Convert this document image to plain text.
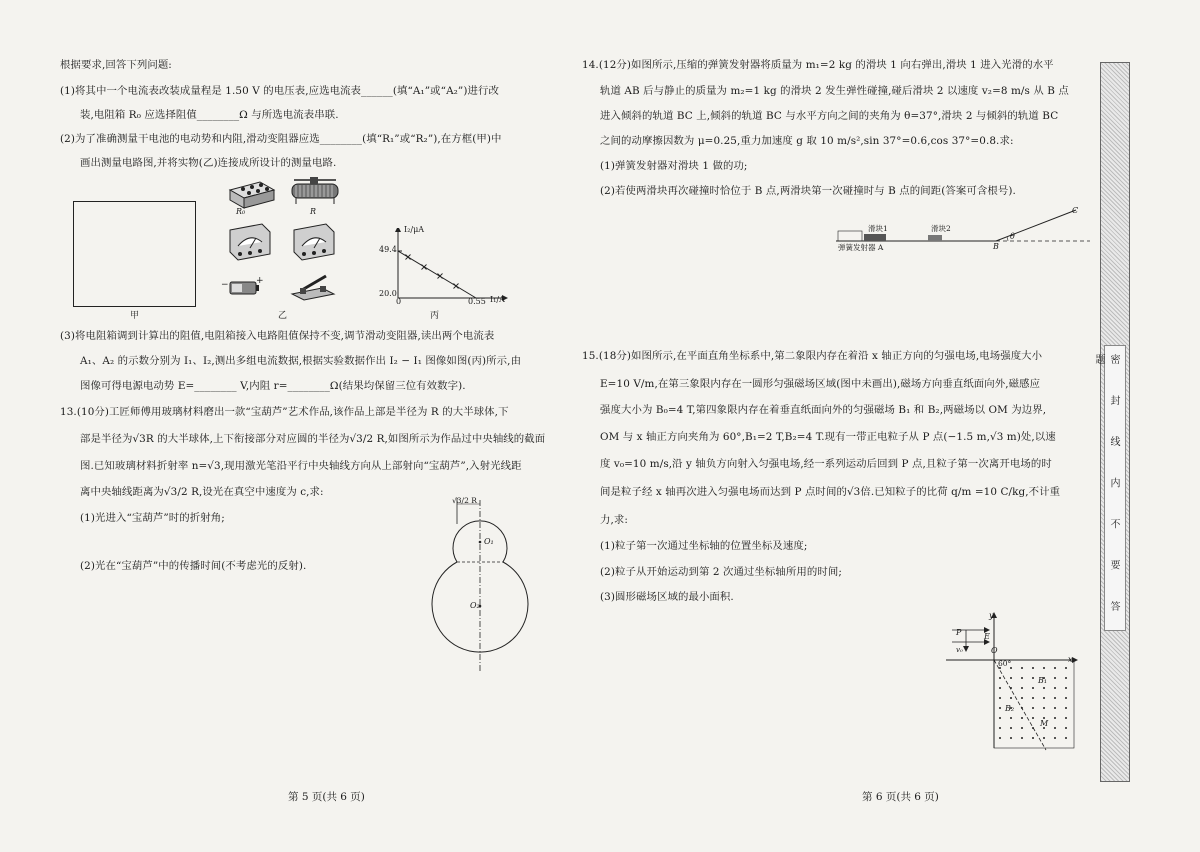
根据要求,回答下列问题:
(1)将其中一个电流表改装成量程是 1.50 V 的电压表,应选电流表______(填“A₁”或“A₂”)进行改
装,电阻箱 R₀ 应选择阻值________Ω 与所选电流表串联.
(2)为了准确测量干电池的电动势和内阻,滑动变阻器应选________(填“R₁”或“R₂”),在方框(甲)中
画出测量电路图,并将实物(乙)连接成所设计的测量电路.
甲
R₀	R
−	+
乙
I₂/μA
49.4
20.0
0	0.55 I₁/A
丙
(3)将电阻箱调到计算出的阻值,电阻箱接入电路阻值保持不变,调节滑动变阻器,读出两个电流表
A₁、A₂ 的示数分别为 I₁、I₂,测出多组电流数据,根据实验数据作出 I₂ − I₁ 图像如图(丙)所示,由
图像可得电源电动势 E=________ V,内阻 r=________Ω(结果均保留三位有效数字).
13.(10分)工匠师傅用玻璃材料磨出一款“宝葫芦”艺术作品,该作品上部是半径为 R 的大半球体,下
部是半径为√3R 的大半球体,上下衔接部分对应圆的半径为√3/2 R,如图所示为作品过中央轴线的截面
图.已知玻璃材料折射率 n=√3,现用激光笔沿平行中央轴线方向从上部射向“宝葫芦”,入射光线距
离中央轴线距离为√3/2 R,设光在真空中速度为 c,求:
(1)光进入“宝葫芦”时的折射角;
(2)光在“宝葫芦”中的传播时间(不考虑光的反射).
√3/2 R
O₁
O₂
第 5 页(共 6 页)
14.(12分)如图所示,压缩的弹簧发射器将质量为 m₁=2 kg 的滑块 1 向右弹出,滑块 1 进入光滑的水平
轨道 AB 后与静止的质量为 m₂=1 kg 的滑块 2 发生弹性碰撞,碰后滑块 2 以速度 v₂=8 m/s 从 B 点
进入倾斜的轨道 BC 上,倾斜的轨道 BC 与水平方向之间的夹角为 θ=37°,滑块 2 与倾斜的轨道 BC
之间的动摩擦因数为 μ=0.25,重力加速度 g 取 10 m/s²,sin 37°=0.6,cos 37°=0.8.求:
(1)弹簧发射器对滑块 1 做的功;
(2)若使两滑块再次碰撞时恰位于 B 点,两滑块第一次碰撞时与 B 点的间距(答案可含根号).
滑块1	滑块2
弹簧发射器 A	B
C
θ
15.(18分)如图所示,在平面直角坐标系中,第二象限内存在着沿 x 轴正方向的匀强电场,电场强度大小
E=10 V/m,在第三象限内存在一圆形匀强磁场区域(图中未画出),磁场方向垂直纸面向外,磁感应
强度大小为 B₀=4 T,第四象限内存在着垂直纸面向外的匀强磁场 B₁ 和 B₂,两磁场以 OM 为边界,
OM 与 x 轴正方向夹角为 60°,B₁=2 T,B₂=4 T.现有一带正电粒子从 P 点(−1.5 m,√3 m)处,以速
度 v₀=10 m/s,沿 y 轴负方向射入匀强电场,经一系列运动后回到 P 点,且粒子第一次离开电场的时
间是粒子经 x 轴再次进入匀强电场而达到 P 点时间的√3倍.已知粒子的比荷 q/m =10 C/kg,不计重
力,求:
(1)粒子第一次通过坐标轴的位置坐标及速度;
(2)粒子从开始运动到第 2 次通过坐标轴所用的时间;
(3)圆形磁场区域的最小面积.
y
x
P	E
O
v₀
60°
B₁
B₂
M
第 6 页(共 6 页)
密 封 线 内 不 要 答 题
